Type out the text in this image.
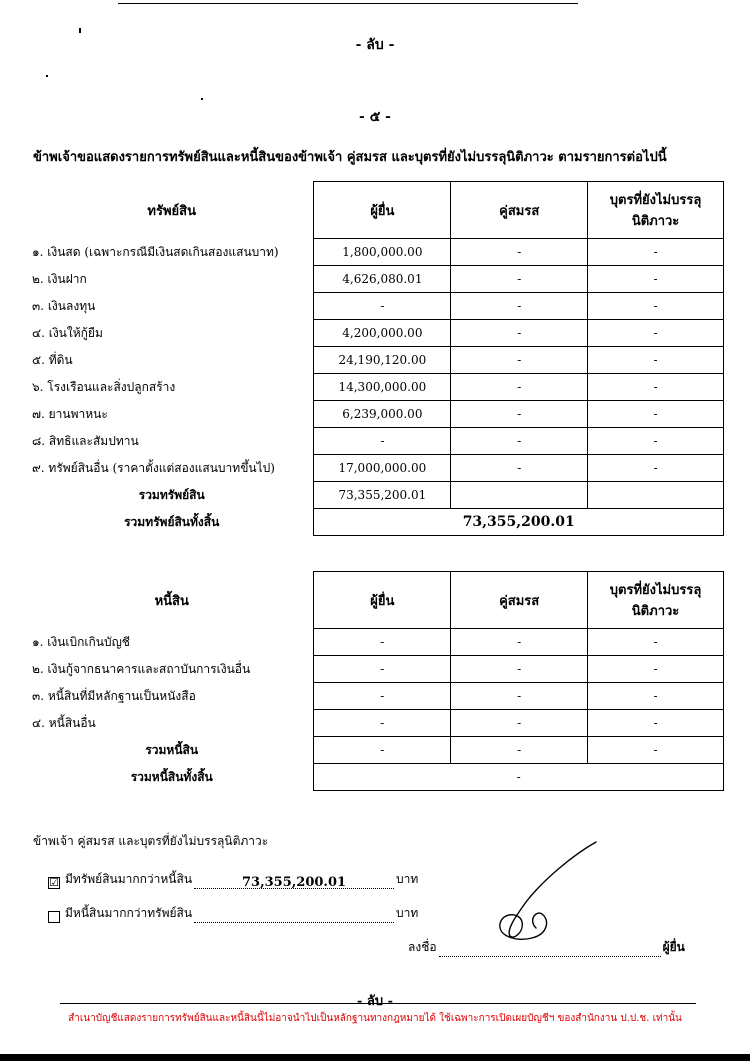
- ลับ -
- ๕ -
ข้าพเจ้าขอแสดงรายการทรัพย์สินและหนี้สินของข้าพเจ้า คู่สมรส และบุตรที่ยังไม่บรรลุนิติภาวะ ตามรายการต่อไปนี้
ทรัพย์สิน	ผู้ยื่น	คู่สมรส	บุตรที่ยังไม่บรรลุ
นิติภาวะ
๑. เงินสด (เฉพาะกรณีมีเงินสดเกินสองแสนบาท)	1,800,000.00	-	-
๒. เงินฝาก	4,626,080.01	-	-
๓. เงินลงทุน	-	-	-
๔. เงินให้กู้ยืม	4,200,000.00	-	-
๕. ที่ดิน	24,190,120.00	-	-
๖. โรงเรือนและสิ่งปลูกสร้าง	14,300,000.00	-	-
๗. ยานพาหนะ	6,239,000.00	-	-
๘. สิทธิและสัมปทาน	-	-	-
๙. ทรัพย์สินอื่น (ราคาตั้งแต่สองแสนบาทขึ้นไป)	17,000,000.00	-	-
รวมทรัพย์สิน	73,355,200.01		
รวมทรัพย์สินทั้งสิ้น	73,355,200.01		
หนี้สิน	ผู้ยื่น	คู่สมรส	บุตรที่ยังไม่บรรลุ
นิติภาวะ
๑. เงินเบิกเกินบัญชี	-	-	-
๒. เงินกู้จากธนาคารและสถาบันการเงินอื่น	-	-	-
๓. หนี้สินที่มีหลักฐานเป็นหนังสือ	-	-	-
๔. หนี้สินอื่น	-	-	-
รวมหนี้สิน	-	-	-
รวมหนี้สินทั้งสิ้น	-		
ข้าพเจ้า คู่สมรส และบุตรที่ยังไม่บรรลุนิติภาวะ
☑ มีทรัพย์สินมากกว่าหนี้สิน	73,355,200.01	บาท
มีหนี้สินมากกว่าทรัพย์สิน	บาท
ลงชื่อ	ผู้ยื่น
- ลับ -
สำเนาบัญชีแสดงรายการทรัพย์สินและหนี้สินนี้ไม่อาจนำไปเป็นหลักฐานทางกฎหมายได้ ใช้เฉพาะการเปิดเผยบัญชีฯ ของสำนักงาน ป.ป.ช. เท่านั้น
